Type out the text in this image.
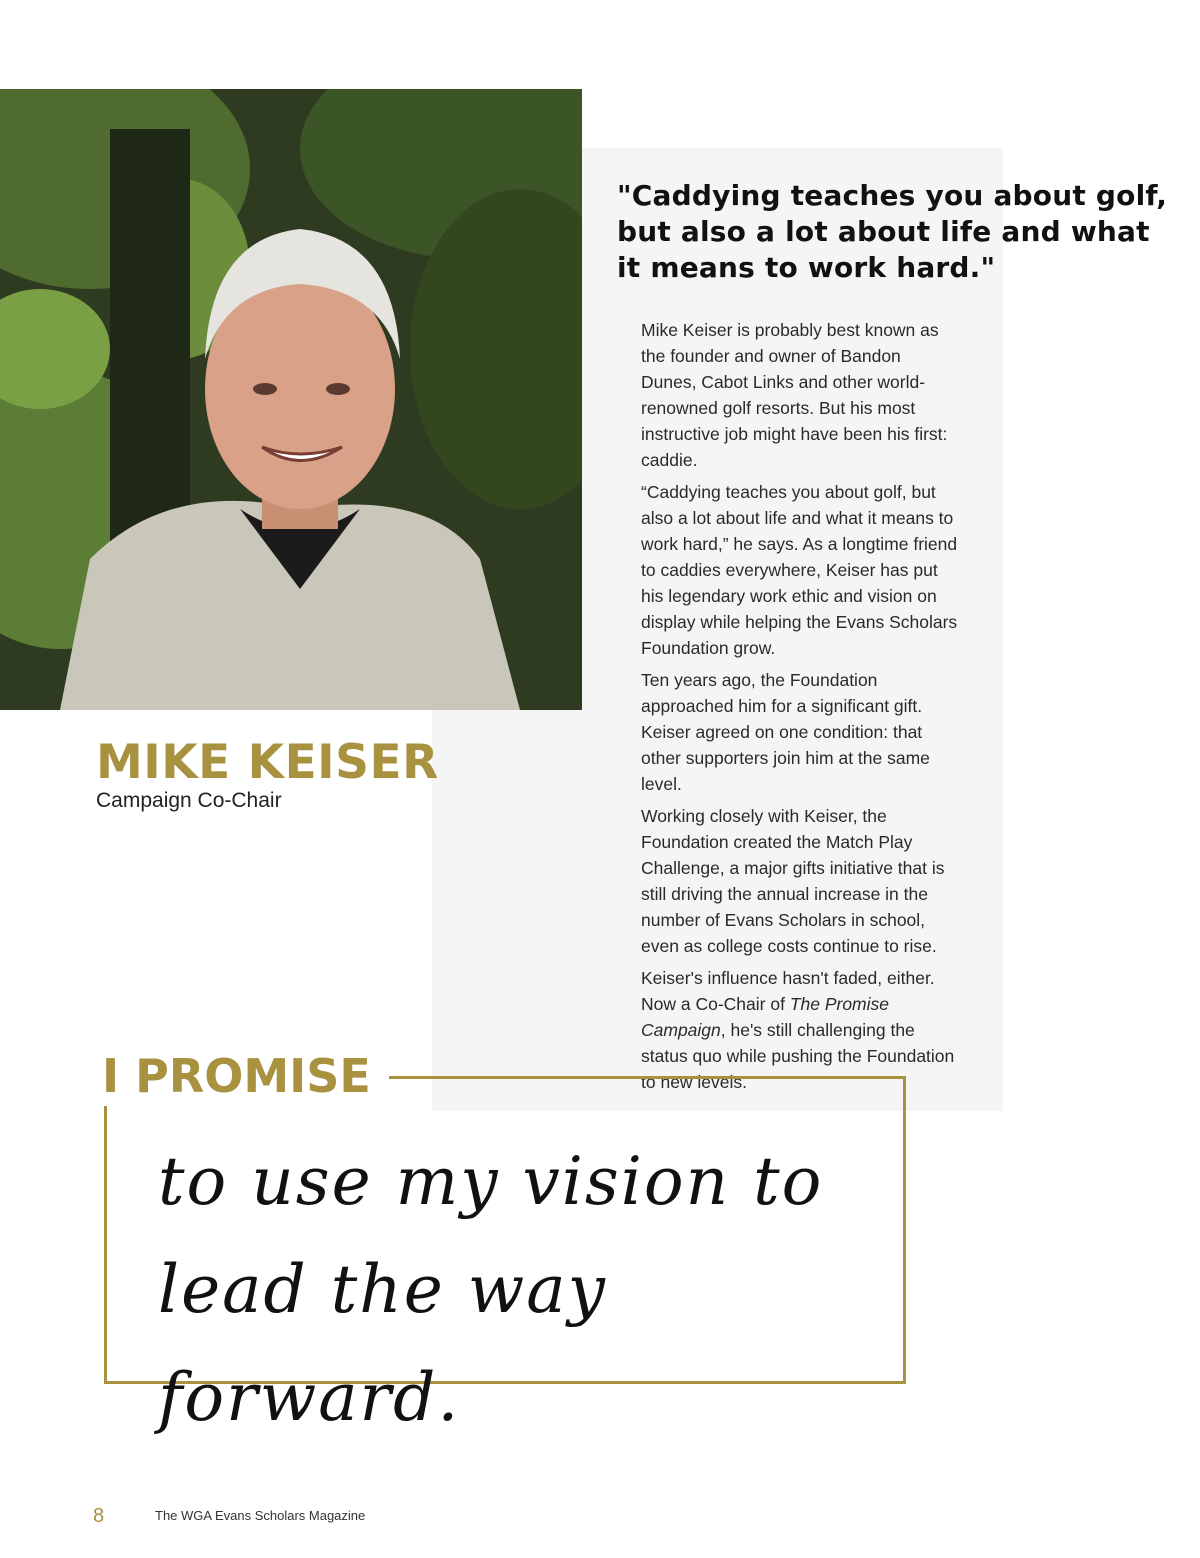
"Caddying teaches you about golf, but also a lot about life and what it means to work hard."

Mike Keiser is probably best known as the founder and owner of Bandon Dunes, Cabot Links and other world-renowned golf resorts. But his most instructive job might have been his first: caddie.

“Caddying teaches you about golf, but also a lot about life and what it means to work hard,” he says. As a longtime friend to caddies everywhere, Keiser has put his legendary work ethic and vision on display while helping the Evans Scholars Foundation grow.

Ten years ago, the Foundation approached him for a significant gift. Keiser agreed on one condition: that other supporters join him at the same level.

Working closely with Keiser, the Foundation created the Match Play Challenge, a major gifts initiative that is still driving the annual increase in the number of Evans Scholars in school, even as college costs continue to rise.

Keiser's influence hasn't faded, either. Now a Co-Chair of The Promise Campaign, he's still challenging the status quo while pushing the Foundation to new levels.

MIKE KEISER
Campaign Co-Chair
I PROMISE
to use my vision to
lead the way forward.
8	The WGA Evans Scholars Magazine
